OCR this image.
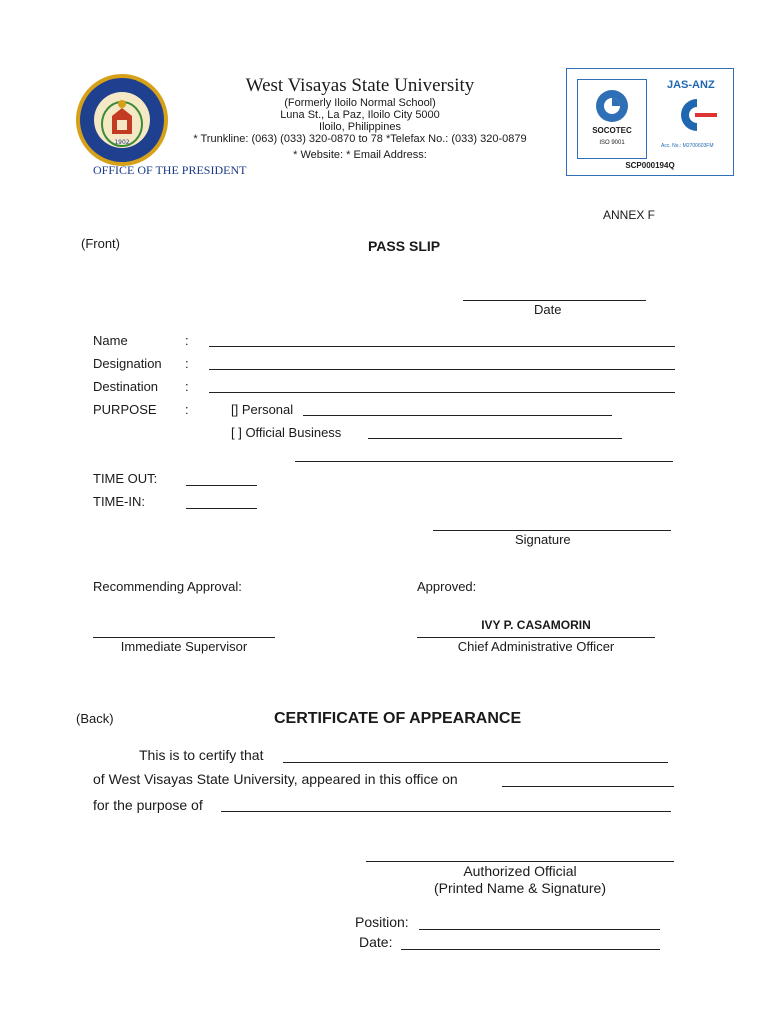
1902
West Visayas State University
(Formerly Iloilo Normal School)
Luna St., La Paz, Iloilo City 5000
Iloilo, Philippines
* Trunkline: (063) (033) 320-0870 to 78 *Telefax No.: (033) 320-0879
* Website: * Email Address:
OFFICE OF THE PRESIDENT
SOCOTEC
ISO 9001
JAS-ANZ
Acc. No.: M2700603FM
SCP000194Q
ANNEX F
(Front)	PASS SLIP
Date
Name	:
Designation :
Destination :
PURPOSE :	[] Personal
[ ] Official Business
TIME OUT:
TIME-IN:
Signature
Recommending Approval:	Approved:
IVY P. CASAMORIN
Immediate Supervisor	Chief Administrative Officer
(Back)	CERTIFICATE OF APPEARANCE
This is to certify that
of West Visayas State University, appeared in this office on
for the purpose of
Authorized Official
(Printed Name & Signature)
Position:
Date:
